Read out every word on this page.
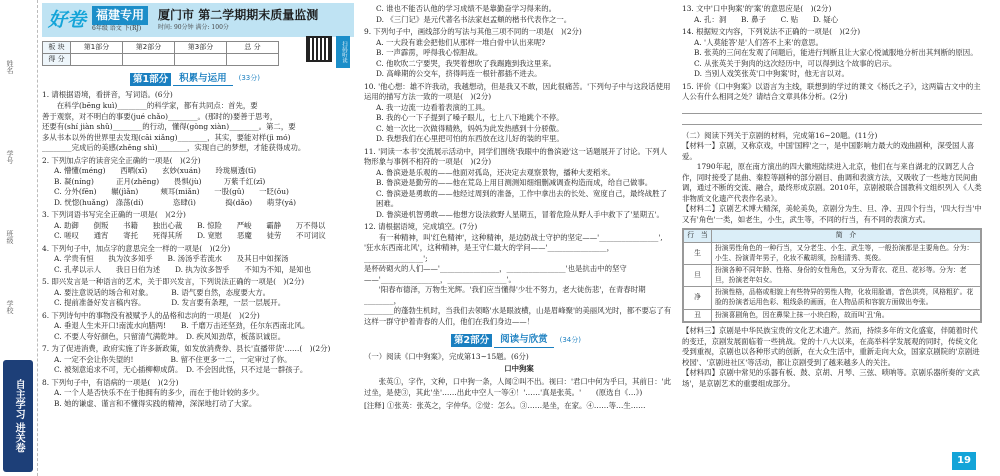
姓名
学号
班级
学校
自主学习 进关卷
好卷 福建专用
6年级 语文 下(RJ)
厦门市 第二学期期末质量监测
时间: 90分钟 满分: 100分
扫码听读
板 块	第1部分	第2部分	第3部分	总 分
得 分				
第1部分	积累与运用	(33分)

1. 请根据语境，看拼音，写词语。(6分)

　　在科学(bēng kuì)________的科学家，都有共同点：首先，要

善于观察，对不明白的事要(jué chǎo)________。(那时的)要善于思考，

还要有(shí jiàn shǔ)________的行动，懂得(gòng xiàn)________。第二，要

多从书本以外的世界里去发现(cāi xiǎng)________，其实，要能对样(jì mó)

________完成后的美感(zhěng shì)________，实现自己的梦想，才能获得成功。

2. 下列加点字的读音完全正确的一项是(　)(2分)

A. 懵懂(méng)　　西晒(xī)　　玄妙(xuán)　　玲珑剔透(tī)

B. 凝(níng)　　　正月(zhēng)　　畏惧(jù)　　　万紫千红(zǐ)

C. 分外(fēn)　　辗(jìǎn)　　　颊耳(miǎn)　　一股(gǔ)　　一眨(ǒu)

D. 恍惚(huǎng)　涤荡(dí)　　　　恣肆(ì)　　　　捣(dǎo)　　萌芽(yá)

3. 下列词语书写完全正确的一项是(　)(2分)

A. 助御　　倒叛　　书籍　　独出心裁　　B. 惊险　　严峻　　霸静　　万不得以

C. 嗟叹　　通宵　　寄托　　死得其所　　D. 宽慰　　恶魔　　徒劳　　不可词议

4. 下列句子中，加点字的意思完全一样的一项是(　)(2分)

A. 学贵有恒　　执为汝多知乎　　B. 汤汤乎若流水　　及其日中如探汤

C. 孔孝以示人　　我日日伯为述　　D. 执为汝多智乎　　不知为不知，是知也

5. 即兴发言是一种语言的艺术，关于即兴发言，下列说法正确的一项是(　)(2分)

A. 要注意说话的场合和对象。　　　B. 语气要自然，态度要大方。

C. 提前准备好发言稿内容。　　　　D. 发言要有条理，一层一层展开。

6. 下列诗句中的事物没有被赋予人的品格和志向的一项是(　)(2分)

A. 垂退人生未开口!南流水向腊两!　　B. 千磨万击还坚劲，任尔东西南北风。

C. 不要人夸好颜色，只留清气满乾坤。　D. 疾风知劲草，板荡识诚臣。

7. 为了促进消费，政府实施了许多新政策，如发放消费券、县长'直播带货'……(　)(2分)

A. 一定不会让你失望的!　　　　　B. 留不住更多一二，一定审过了你。

C. 被刻意追求不可，无心插柳柳成荫。　D. 不会因此怪，只不过是一群孩子。

8. 下列句子中，有语病的一项是(　)(2分)

A. 一个人是否快乐不在于他拥有的多少，而在于他计较的多少。

B. 她的谦虚、谨言和不懂得实践的精神，深深地打动了大家。

C. 谁也不能否认他的学习成绩不是靠勤奋学习得来的。

D. 《三门记》是元代著名书法家赵孟頫的楷书代表作之一。

9. 下列句子中，画线部分的写法与其他三项不同的一项是(　)(2分)

A. 一大段有谁会把他们从那样一堆白骨中认出来呢?

B. 一声霹雳，呼得我心惊胆战。

C. 他吹吹二宁要哭，我哭着想吹了我踢跑到我这里来。

D. 高峰期的公交车，挤得吗连一根针都插不进去。

10. '他心想：雄不许我动，我越想动，但是我又不敢，因此很痛苦。'下列句子中与这段话使用运用的描写方法一致的一项是(　)(2分)

A. 我一边流一边看着表演的工具。

B. 我的心一下子提到了嗓子眼儿，七上八下地跳个不停。

C. 她一次比一次做得精熟，妈妈为此发热感到十分骄傲。

D. 我想我们在心里把可怕的东西放在这儿好的装的牢里。

11. '同读一本书'交流展示活动中，同学们围绕'我眼中的鲁滨逊'这一话题展开了讨论。下列人物形象与事例不相符的一项是(　)(2分)

A. 鲁滨逊是乐观的——他面对孤岛，还决定去观察景物，播种大麦稻米。

B. 鲁滨逊是勤劳的——他在荒岛上用目测测知细细删减调查构造而成，给自己做事。

C. 鲁滨逊是勇敢的——他经过周到的准备，工作中拿出去的长处、宽度自己，最终战胜了困难。

D. 鲁滨逊机智勇敢——他想方设法救野人星期五，冒着危险从野人手中救下了'星期五'。

12. 请根据语境，完成填空。(7分)

　　有一种精神，叫'红色精神'，这种精神，是边防战士守护的坚定——'________________',

'狂水东西南北风'，这种精神，是王守仁最大的学问——'________________，________________';

是杯砖砌火的人们——'________________，________________'也是抗击中的坚守——'________________，________________'。

　　'阳春布德泽，万物生光辉。'我们应当懂得'少壮不努力，老大徒伤悲'，在青春时期________，

________的蓬勃生机时，当我们去领略'水是眼波横，山是眉峰聚'的美丽风光时，都不要忘了有这样一群守护着青春的人们，他们在我们身边——！

第2部分	阅读与欣赏	(34分)

（一）阅读《口中狗案》，完成第13~15题。(6分)

口中狗案

　　张英①，字作，文种，口中狗一条，人闻②叫不出。视曰：'君口中何为乎曰，其前日：'此过坐，是使③，其此'坐'……出此中空人一等④！'……'真是张英。'　　(原选自《…》)

[注释] ①张英：张英之，字仲华。②觉：怎么。③……是坐，在家。④……等…生……

13. 文中'口中狗案'的'案'的意思应是(　)(2分)

A. 孔：洞　　B. 鼻子　　C. 贴　　D. 疑心

14. 根据短文内容，下列说法不正确的一项是(　)(2分)

A. '人莫能答'是'人们答不上来'的意思。

B. 张英的三问在发观了问题后，能进行判断且让大家心悦诚服地分析出其判断的原因。

C. 从张英关于狗肉的这次经历中，可以得到这个故事的启示。

D. 当别人戏笑张英'口中狗案'时，他无言以对。

15. 评价《口中狗案》以语言为主线，联想到的学过的课文《杨氏之子》，这两篇古文中的主人公有什么相同之处？请结合文章具体分析。(2分)

（二）阅读下列关于京剧的材料，完成第16~20题。(11分)

【材料一】京剧，又称京戏，中国'国粹'之一，是中国影响力最大的戏曲剧种，深受国人喜爱。

　　1790年起，原在南方演出的四大徽班陆续进入北京，他们在与来自湖北的汉调艺人合作，同时接受了昆曲、秦腔等剧种的部分剧目、曲调和表演方法，又吸收了一些地方民间曲调，通过不断的交流、融合，最终形成京剧。2010年，京剧被联合国教科文组织列入《人类非物质文化遗产代表作名录》。

【材料二】京剧艺术博大精深，美轮美奂，京剧分为生、旦、净、丑四个行当，'四大行当'中又有'角色'一类，如老生，小生，武生等，不同的行当，有不同的表演方式。

行　当	简　介
生	扮演男性角色的一种行当，又分老生、小生、武生等，一般扮演都是主要角色。分为：小生、扮演青年男子，化妆不戴胡须，扮相清秀、英俊。
旦	扮演各种不同年龄、性格、身份的女性角色，又分为青衣、花旦、花衫等。分为：老旦，扮演老年妇女。
净	扮演性格，品格或相貌上有些特异的男性人物，化妆用脸谱，音色洪亮，风格粗犷。花脸的扮演者运用色彩、粗线条的画面，在人物品质和容貌方面做出夸张。
丑	扮演喜剧角色，因在鼻梁上抹一小块白粉，故而叫'丑'角。

【材料三】京剧是中华民族宝贵的文化艺术遗产。然而，持续多年的文化盛宴，伴随着时代的变迁，京剧发展面临着一些挑战。党的十八大以来，在高举科学发展观的同时，传统文化受到重视，京剧也以各种形式的创新，在大众生活中，重新走向大众，国家京剧院的'京剧进校园'、'京剧进社区'等活动，都让京剧受到了越来越多人的关注。

【材料四】京剧中常见的乐器有板、鼓、京胡、月琴、三弦、唢呐等。京剧乐器所奏的'文武场'，是京剧艺术的重要组成部分。

19
